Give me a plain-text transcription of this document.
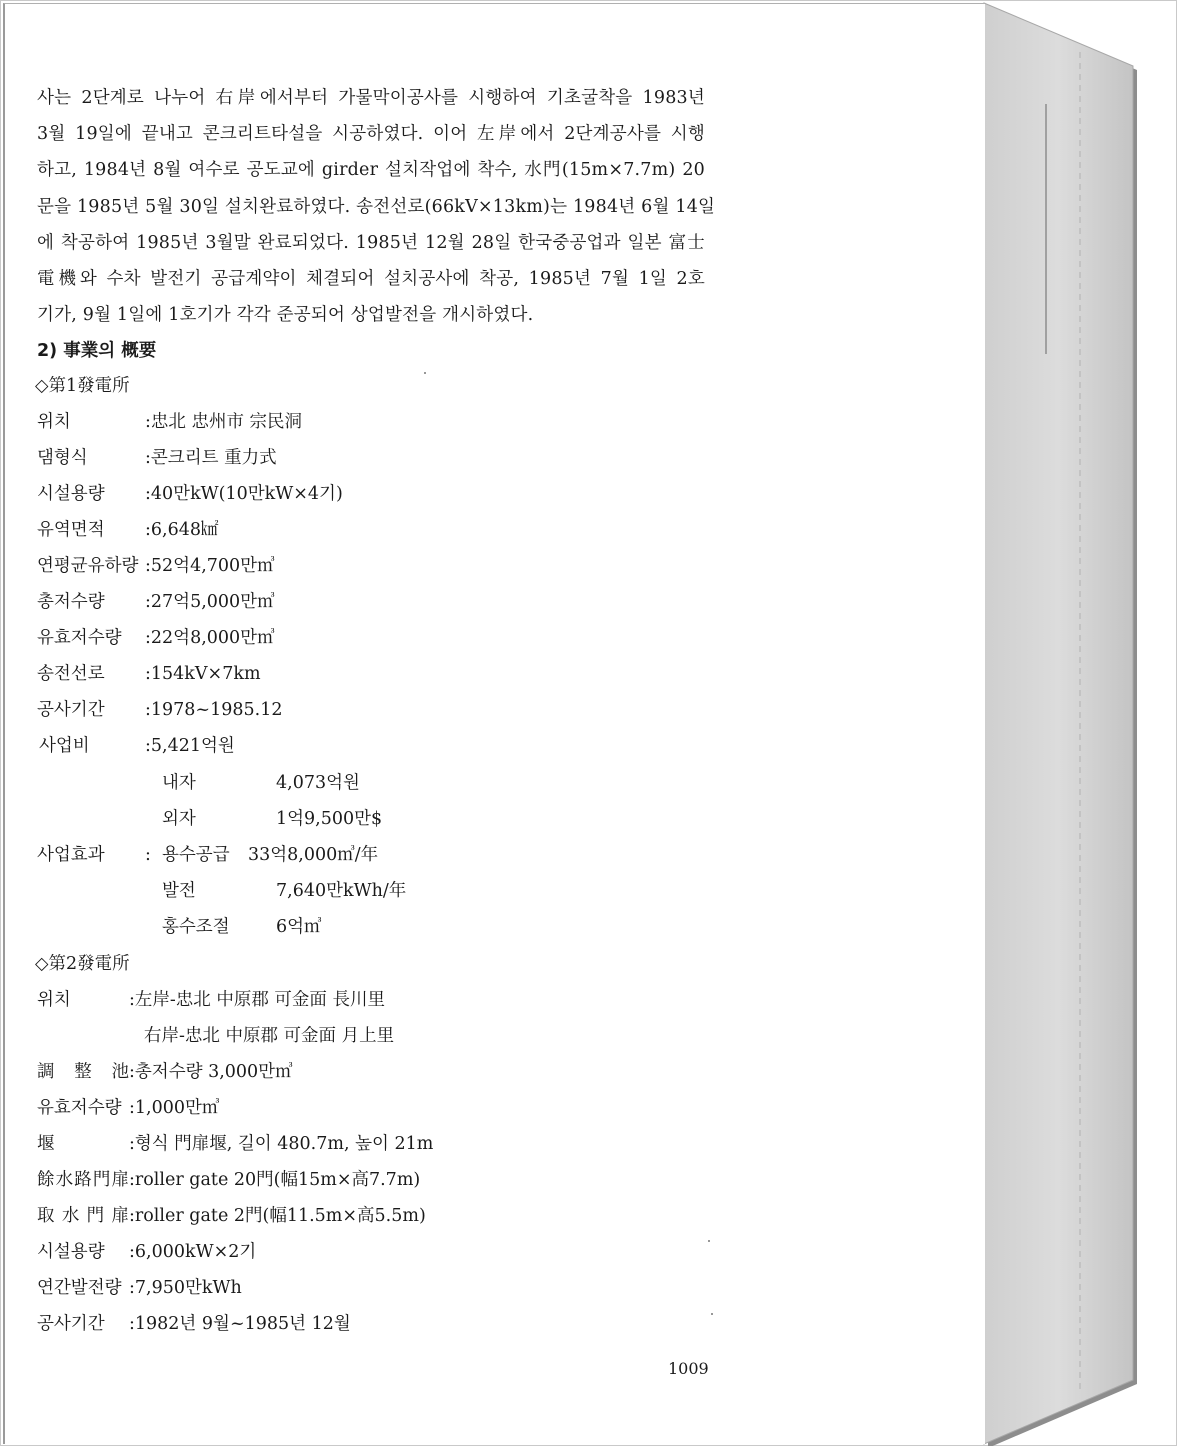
사는 2단계로 나누어 右岸에서부터 가물막이공사를 시행하여 기초굴착을 1983년
3월 19일에 끝내고 콘크리트타설을 시공하였다. 이어 左岸에서 2단계공사를 시행
하고, 1984년 8월 여수로 공도교에 girder 설치작업에 착수, 水門(15m×7.7m) 20
문을 1985년 5월 30일 설치완료하였다. 송전선로(66kV×13km)는 1984년 6월 14일
에 착공하여 1985년 3월말 완료되었다. 1985년 12월 28일 한국중공업과 일본 富士
電機와 수차 발전기 공급계약이 체결되어 설치공사에 착공, 1985년 7월 1일 2호
기가, 9월 1일에 1호기가 각각 준공되어 상업발전을 개시하였다.
2) 事業의 概要
◇第1發電所
위치	:忠北 忠州市 宗民洞
댐형식	:콘크리트 重力式
시설용량 :40만kW(10만kW×4기)
유역면적 :6,648㎢
연평균유하량 :52억4,700만㎥
총저수량 :27억5,000만㎥
유효저수량 :22억8,000만㎥
송전선로 :154kV×7km
공사기간 :1978~1985.12
사업비	:5,421억원
내자	4,073억원
외자	1억9,500만$
사업효과 : 용수공급 33억8,000㎥/年
발전	7,640만kWh/年
홍수조절	6억㎥
◇第2發電所
위치	:左岸-忠北 中原郡 可金面 長川里
右岸-忠北 中原郡 可金面 月上里
調整池:총저수량 3,000만㎥
유효저수량 :1,000만㎥
堰	:형식 門扉堰, 길이 480.7m, 높이 21m
餘水路門扉:roller gate 20門(幅15m×高7.7m)
取水門扉:roller gate 2門(幅11.5m×高5.5m)
시설용량 :6,000kW×2기
연간발전량 :7,950만kWh
공사기간 :1982년 9월~1985년 12월
1009
